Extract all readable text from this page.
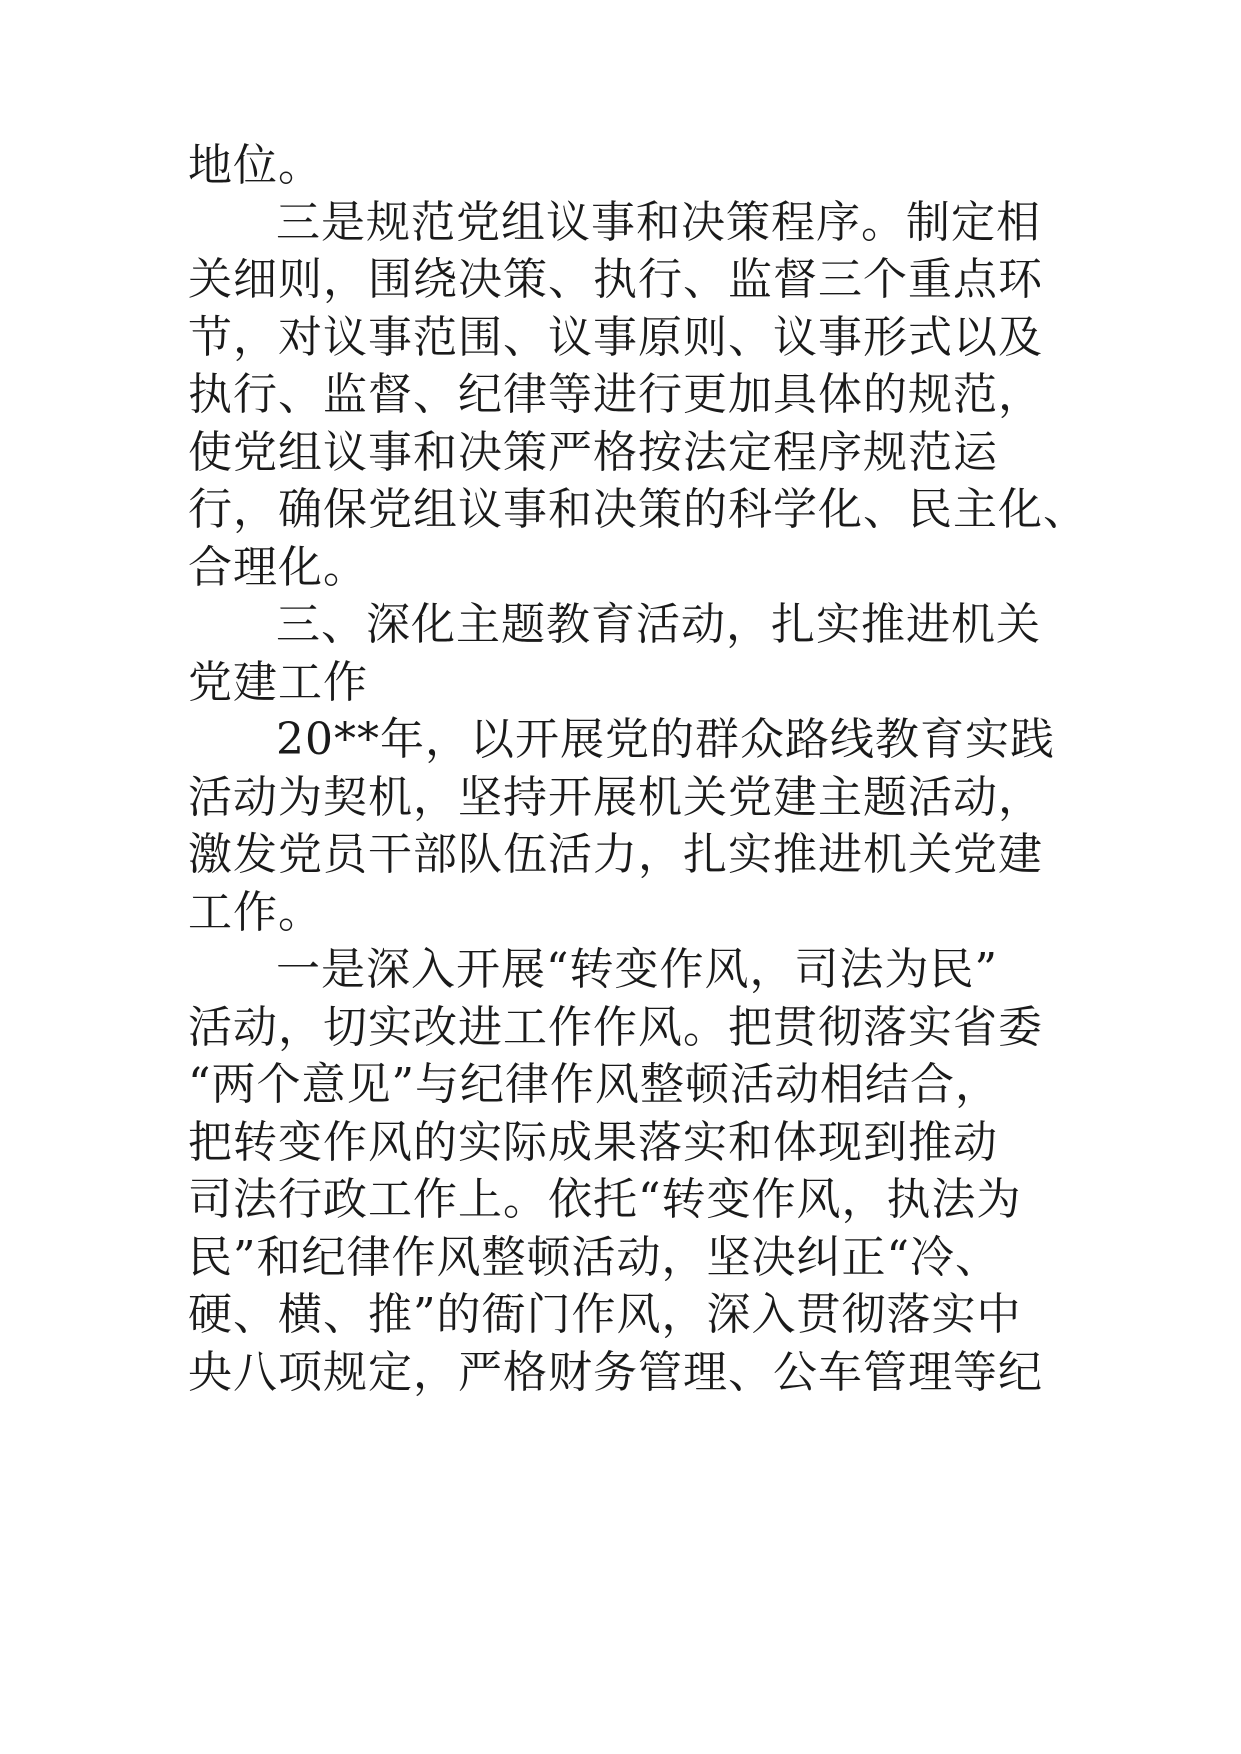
地位。

三是规范党组议事和决策程序。制定相

关细则，围绕决策、执行、监督三个重点环

节，对议事范围、议事原则、议事形式以及

执行、监督、纪律等进行更加具体的规范，

使党组议事和决策严格按法定程序规范运

行，确保党组议事和决策的科学化、民主化、

合理化。

三、深化主题教育活动，扎实推进机关

党建工作

20**年，以开展党的群众路线教育实践

活动为契机，坚持开展机关党建主题活动，

激发党员干部队伍活力，扎实推进机关党建

工作。

一是深入开展“转变作风，司法为民”

活动，切实改进工作作风。把贯彻落实省委

“两个意见”与纪律作风整顿活动相结合，

把转变作风的实际成果落实和体现到推动

司法行政工作上。依托“转变作风，执法为

民”和纪律作风整顿活动，坚决纠正“冷、

硬、横、推”的衙门作风，深入贯彻落实中

央八项规定，严格财务管理、公车管理等纪
